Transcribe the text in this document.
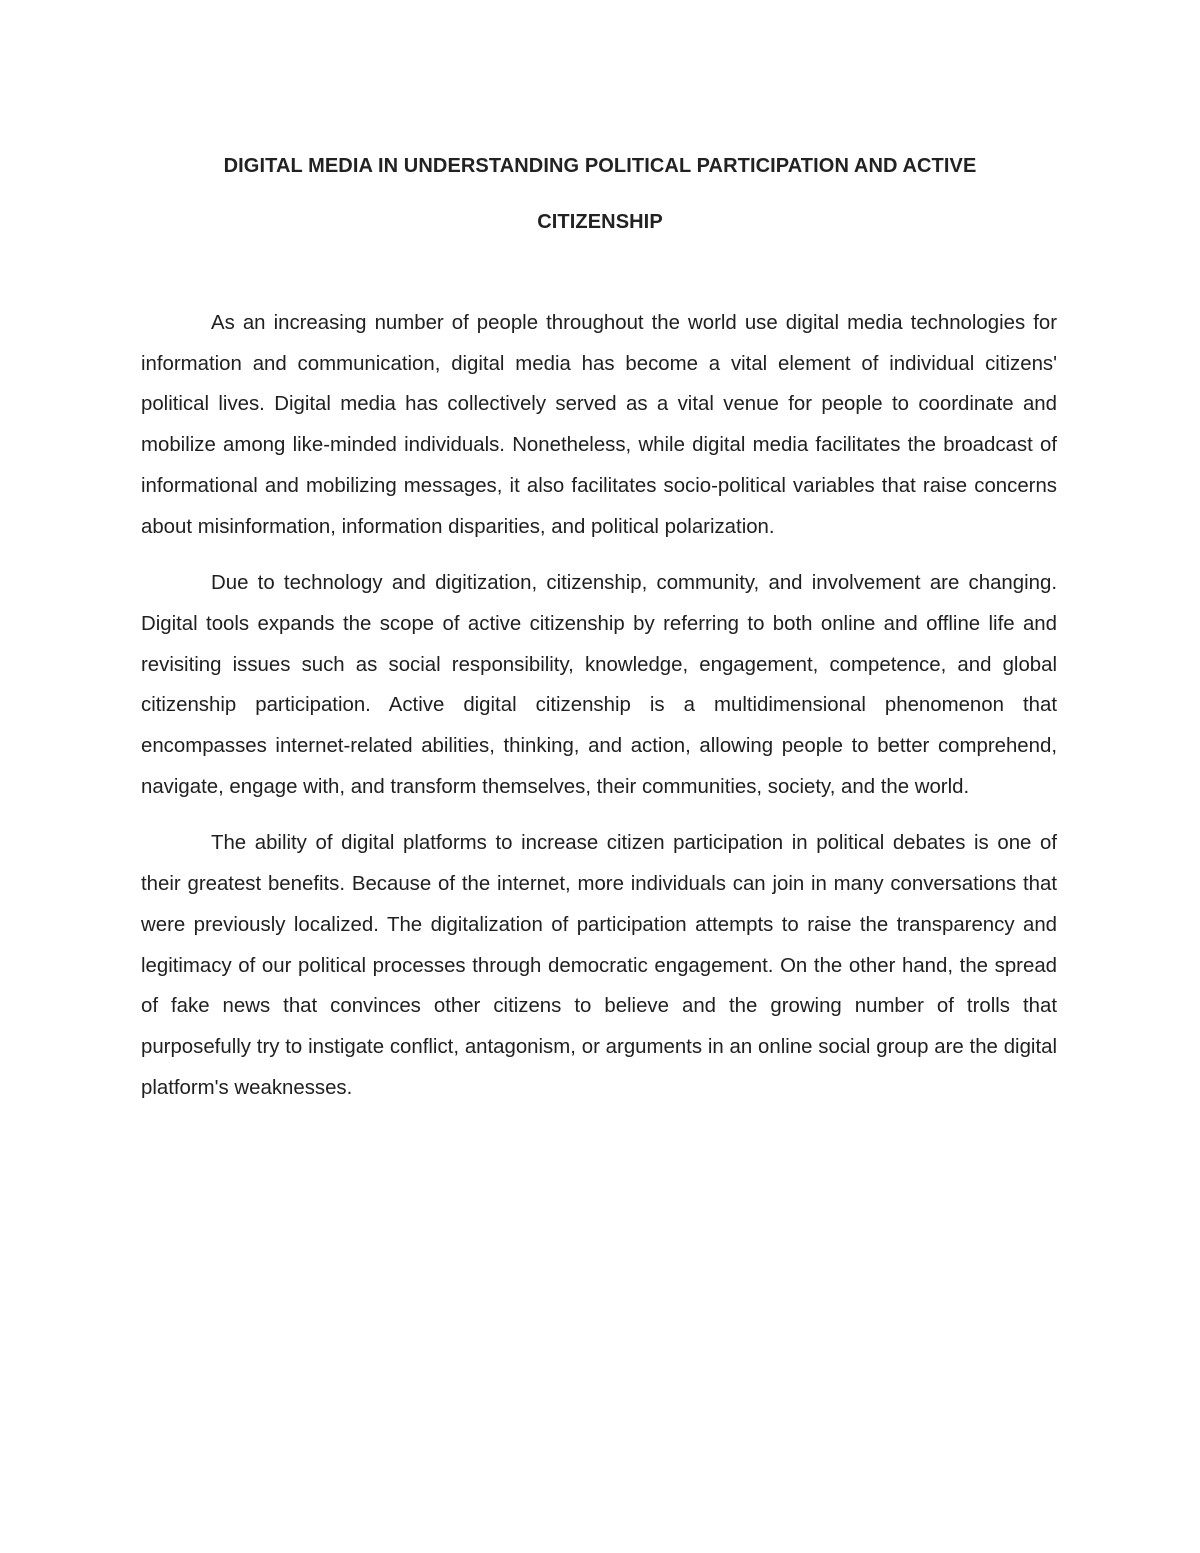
DIGITAL MEDIA IN UNDERSTANDING POLITICAL PARTICIPATION AND ACTIVE
CITIZENSHIP

As an increasing number of people throughout the world use digital media technologies for information and communication, digital media has become a vital element of individual citizens' political lives. Digital media has collectively served as a vital venue for people to coordinate and mobilize among like-minded individuals. Nonetheless, while digital media facilitates the broadcast of informational and mobilizing messages, it also facilitates socio-political variables that raise concerns about misinformation, information disparities, and political polarization.

Due to technology and digitization, citizenship, community, and involvement are changing. Digital tools expands the scope of active citizenship by referring to both online and offline life and revisiting issues such as social responsibility, knowledge, engagement, competence, and global citizenship participation. Active digital citizenship is a multidimensional phenomenon that encompasses internet-related abilities, thinking, and action, allowing people to better comprehend, navigate, engage with, and transform themselves, their communities, society, and the world.

The ability of digital platforms to increase citizen participation in political debates is one of their greatest benefits. Because of the internet, more individuals can join in many conversations that were previously localized. The digitalization of participation attempts to raise the transparency and legitimacy of our political processes through democratic engagement. On the other hand, the spread of fake news that convinces other citizens to believe and the growing number of trolls that purposefully try to instigate conflict, antagonism, or arguments in an online social group are the digital platform's weaknesses.
